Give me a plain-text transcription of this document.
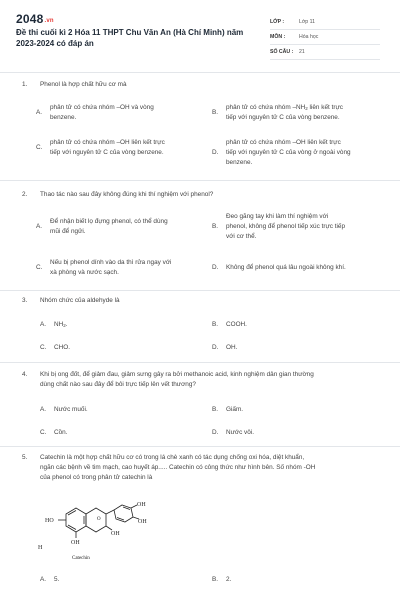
2048.vn
Đề thi cuối kì 2 Hóa 11 THPT Chu Văn An (Hà Chí Minh) năm 2023-2024 có đáp án
LỚP :	Lớp 11
MÔN :	Hóa học
SỐ CÂU :	21
1.	Phenol là hợp chất hữu cơ mà
A.
phân tử có chứa nhóm –OH và vòng
benzene.
B.
phân tử có chứa nhóm $-NH_2$ liên kết trực
tiếp với nguyên tử C của vòng benzene.
C.
phân tử có chứa nhóm –OH liên kết trực
tiếp với nguyên tử C của vòng benzene.	D.
phân tử có chứa nhóm –OH liên kết trực
tiếp với nguyên tử C của vòng ở ngoài vòng
benzene.
2.	Thao tác nào sau đây không đúng khi thí nghiệm với phenol?
A.
Để nhận biết lọ đựng phenol, có thể dùng
mũi để ngửi.
B.
Đeo găng tay khi làm thí nghiệm với
phenol, không để phenol tiếp xúc trực tiếp
với cơ thể.
C.
Nếu bị phenol dính vào da thì rửa ngay với
xà phòng và nước sạch.
D.	Không để phenol quá lâu ngoài không khí.
3.	Nhóm chức của aldehyde là
A.	$NH_2$.	B.	COOH.
C.	CHO.	D.	OH.
4.	Khi bị ong đốt, để giảm đau, giảm sưng gây ra bởi methanoic acid, kinh nghiệm dân gian thường
dùng chất nào sau đây để bôi trực tiếp lên vết thương?
A.	Nước muối.	B.	Giấm.
C.	Cồn.	D.	Nước vôi.
5.	Catechin là một hợp chất hữu cơ có trong lá chè xanh có tác dụng chống oxi hóa, diệt khuẩn,
ngăn các bệnh về tim mạch, cao huyết áp..... Catechin có công thức như hình bên. Số nhóm -OH
của phenol có trong phân tử catechin là
O
HO
OH
OH
OH
OH
H
Catechin
A.	5.	B.	2.
